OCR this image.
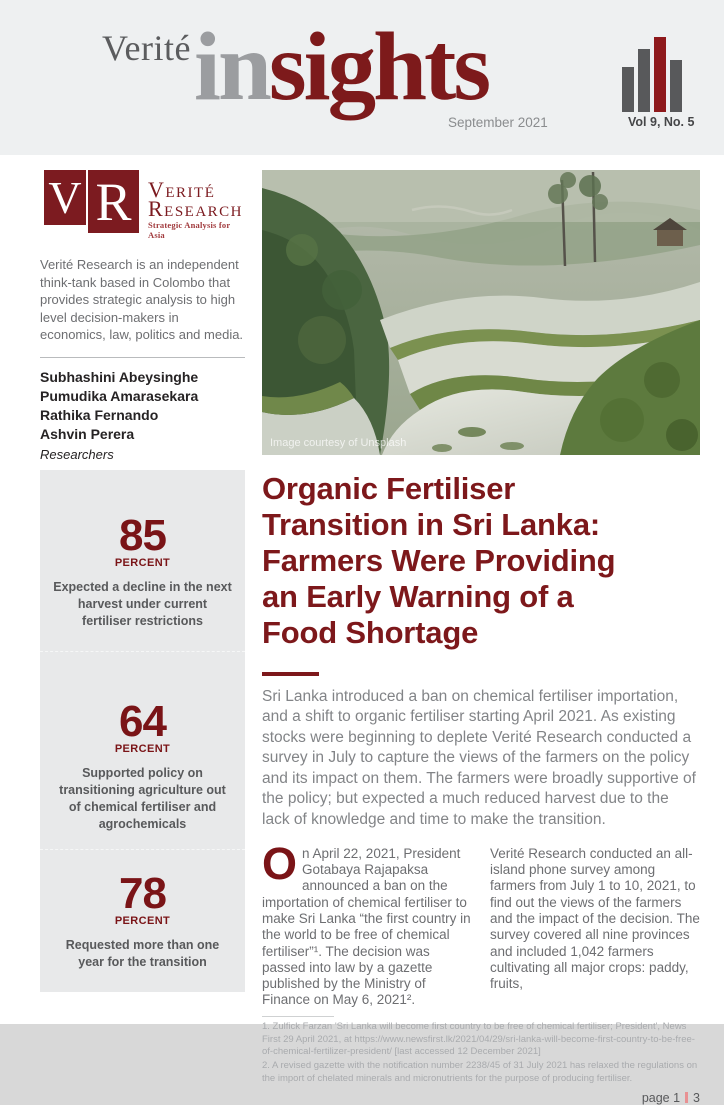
Verité insights
September 2021	Vol 9, No. 5
V R Verité
Research
Strategic Analysis for Asia

Verité Research is an independent think-tank based in Colombo that provides strategic analysis to high level decision-makers in economics, law, politics and media.

Subhashini Abeysinghe
Pumudika Amarasekara
Rathika Fernando
Ashvin Perera
Researchers
85
PERCENT
Expected a decline in the next harvest under current fertiliser restrictions
64
PERCENT
Supported policy on transitioning agriculture out of chemical fertiliser and agrochemicals
78
PERCENT
Requested more than one year for the transition
Image courtesy of Unsplash
Organic Fertiliser
Transition in Sri Lanka:
Farmers Were Providing
an Early Warning of a
Food Shortage

Sri Lanka introduced a ban on chemical fertiliser importation, and a shift to organic fertiliser starting April 2021. As existing stocks were beginning to deplete Verité Research conducted a survey in July to capture the views of the farmers on the policy and its impact on them. The farmers were broadly supportive of the policy; but expected a much reduced harvest due to the lack of knowledge and time to make the transition.

On April 22, 2021, President Gotabaya Rajapaksa announced a ban on the importation of chemical fertiliser to make Sri Lanka “the first country in the world to be free of chemical fertiliser”¹. The decision was passed into law by a gazette published by the Ministry of Finance on May 6, 2021².
Verité Research conducted an all-island phone survey among farmers from July 1 to 10, 2021, to find out the views of the farmers and the impact of the decision. The survey covered all nine provinces and included 1,042 farmers cultivating all major crops: paddy, fruits,

1. Zulfick Farzan 'Sri Lanka will become first country to be free of chemical fertiliser; President', News First 29 April 2021, at https://www.newsfirst.lk/2021/04/29/sri-lanka-will-become-first-country-to-be-free-of-chemical-fertilizer-president/ [last accessed 12 December 2021]

2. A revised gazette with the notification number 2238/45 of 31 July 2021 has relaxed the regulations on the import of chelated minerals and micronutrients for the purpose of producing fertiliser.

page 1 3
